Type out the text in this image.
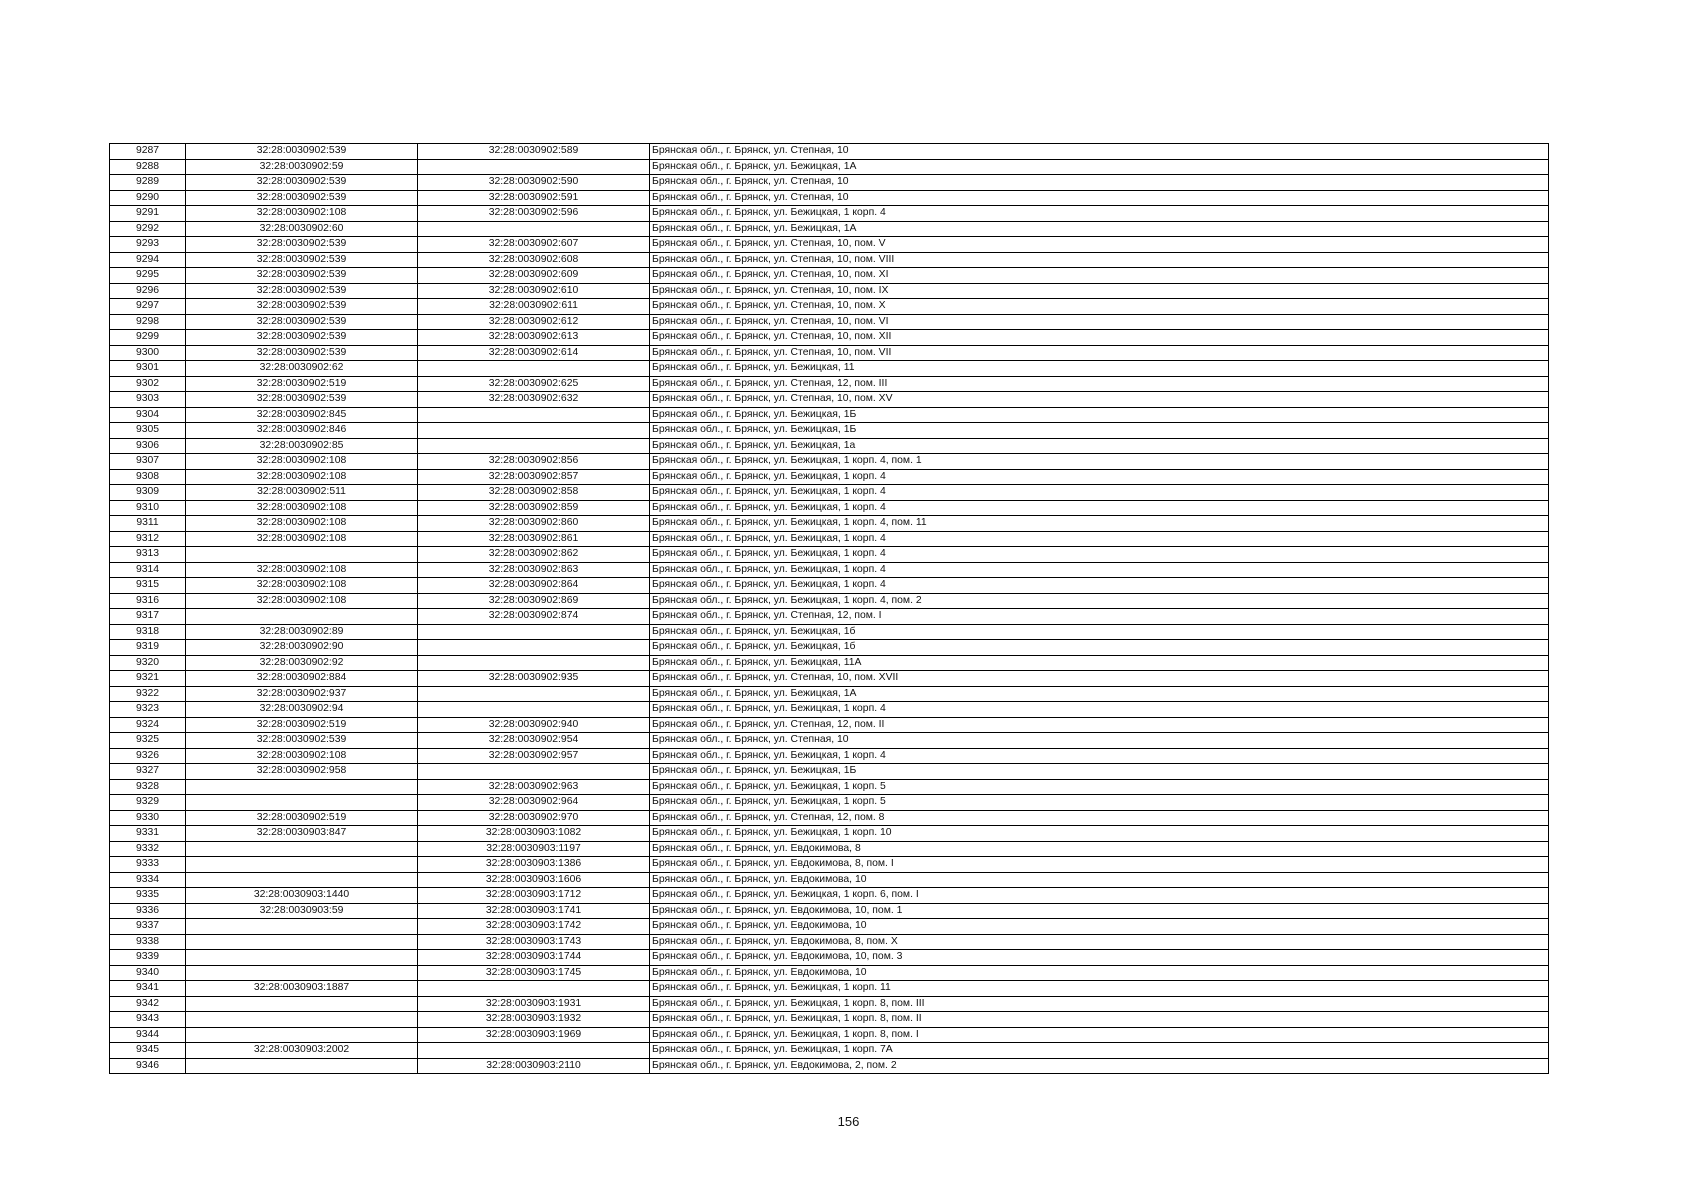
9287	32:28:0030902:539	32:28:0030902:589	Брянская обл., г. Брянск, ул. Степная, 10
9288	32:28:0030902:59		Брянская обл., г. Брянск, ул. Бежицкая, 1А
9289	32:28:0030902:539	32:28:0030902:590	Брянская обл., г. Брянск, ул. Степная, 10
9290	32:28:0030902:539	32:28:0030902:591	Брянская обл., г. Брянск, ул. Степная, 10
9291	32:28:0030902:108	32:28:0030902:596	Брянская обл., г. Брянск, ул. Бежицкая, 1 корп. 4
9292	32:28:0030902:60		Брянская обл., г. Брянск, ул. Бежицкая, 1А
9293	32:28:0030902:539	32:28:0030902:607	Брянская обл., г. Брянск, ул. Степная, 10, пом. V
9294	32:28:0030902:539	32:28:0030902:608	Брянская обл., г. Брянск, ул. Степная, 10, пом. VIII
9295	32:28:0030902:539	32:28:0030902:609	Брянская обл., г. Брянск, ул. Степная, 10, пом. XI
9296	32:28:0030902:539	32:28:0030902:610	Брянская обл., г. Брянск, ул. Степная, 10, пом. IX
9297	32:28:0030902:539	32:28:0030902:611	Брянская обл., г. Брянск, ул. Степная, 10, пом. X
9298	32:28:0030902:539	32:28:0030902:612	Брянская обл., г. Брянск, ул. Степная, 10, пом. VI
9299	32:28:0030902:539	32:28:0030902:613	Брянская обл., г. Брянск, ул. Степная, 10, пом. XII
9300	32:28:0030902:539	32:28:0030902:614	Брянская обл., г. Брянск, ул. Степная, 10, пом. VII
9301	32:28:0030902:62		Брянская обл., г. Брянск, ул. Бежицкая, 11
9302	32:28:0030902:519	32:28:0030902:625	Брянская обл., г. Брянск, ул. Степная, 12, пом. III
9303	32:28:0030902:539	32:28:0030902:632	Брянская обл., г. Брянск, ул. Степная, 10, пом. XV
9304	32:28:0030902:845		Брянская обл., г. Брянск, ул. Бежицкая, 1Б
9305	32:28:0030902:846		Брянская обл., г. Брянск, ул. Бежицкая, 1Б
9306	32:28:0030902:85		Брянская обл., г. Брянск, ул. Бежицкая, 1а
9307	32:28:0030902:108	32:28:0030902:856	Брянская обл., г. Брянск, ул. Бежицкая, 1 корп. 4, пом. 1
9308	32:28:0030902:108	32:28:0030902:857	Брянская обл., г. Брянск, ул. Бежицкая, 1 корп. 4
9309	32:28:0030902:511	32:28:0030902:858	Брянская обл., г. Брянск, ул. Бежицкая, 1 корп. 4
9310	32:28:0030902:108	32:28:0030902:859	Брянская обл., г. Брянск, ул. Бежицкая, 1 корп. 4
9311	32:28:0030902:108	32:28:0030902:860	Брянская обл., г. Брянск, ул. Бежицкая, 1 корп. 4, пом. 11
9312	32:28:0030902:108	32:28:0030902:861	Брянская обл., г. Брянск, ул. Бежицкая, 1 корп. 4
9313		32:28:0030902:862	Брянская обл., г. Брянск, ул. Бежицкая, 1 корп. 4
9314	32:28:0030902:108	32:28:0030902:863	Брянская обл., г. Брянск, ул. Бежицкая, 1 корп. 4
9315	32:28:0030902:108	32:28:0030902:864	Брянская обл., г. Брянск, ул. Бежицкая, 1 корп. 4
9316	32:28:0030902:108	32:28:0030902:869	Брянская обл., г. Брянск, ул. Бежицкая, 1 корп. 4, пом. 2
9317		32:28:0030902:874	Брянская обл., г. Брянск, ул. Степная, 12, пом. I
9318	32:28:0030902:89		Брянская обл., г. Брянск, ул. Бежицкая, 1б
9319	32:28:0030902:90		Брянская обл., г. Брянск, ул. Бежицкая, 1б
9320	32:28:0030902:92		Брянская обл., г. Брянск, ул. Бежицкая, 11А
9321	32:28:0030902:884	32:28:0030902:935	Брянская обл., г. Брянск, ул. Степная, 10, пом. XVII
9322	32:28:0030902:937		Брянская обл., г. Брянск, ул. Бежицкая, 1А
9323	32:28:0030902:94		Брянская обл., г. Брянск, ул. Бежицкая, 1 корп. 4
9324	32:28:0030902:519	32:28:0030902:940	Брянская обл., г. Брянск, ул. Степная, 12, пом. II
9325	32:28:0030902:539	32:28:0030902:954	Брянская обл., г. Брянск, ул. Степная, 10
9326	32:28:0030902:108	32:28:0030902:957	Брянская обл., г. Брянск, ул. Бежицкая, 1 корп. 4
9327	32:28:0030902:958		Брянская обл., г. Брянск, ул. Бежицкая, 1Б
9328		32:28:0030902:963	Брянская обл., г. Брянск, ул. Бежицкая, 1 корп. 5
9329		32:28:0030902:964	Брянская обл., г. Брянск, ул. Бежицкая, 1 корп. 5
9330	32:28:0030902:519	32:28:0030902:970	Брянская обл., г. Брянск, ул. Степная, 12, пом. 8
9331	32:28:0030903:847	32:28:0030903:1082	Брянская обл., г. Брянск, ул. Бежицкая, 1 корп. 10
9332		32:28:0030903:1197	Брянская обл., г. Брянск, ул. Евдокимова, 8
9333		32:28:0030903:1386	Брянская обл., г. Брянск, ул. Евдокимова, 8, пом. I
9334		32:28:0030903:1606	Брянская обл., г. Брянск, ул. Евдокимова, 10
9335	32:28:0030903:1440	32:28:0030903:1712	Брянская обл., г. Брянск, ул. Бежицкая, 1 корп. 6, пом. I
9336	32:28:0030903:59	32:28:0030903:1741	Брянская обл., г. Брянск, ул. Евдокимова, 10, пом. 1
9337		32:28:0030903:1742	Брянская обл., г. Брянск, ул. Евдокимова, 10
9338		32:28:0030903:1743	Брянская обл., г. Брянск, ул. Евдокимова, 8, пом. X
9339		32:28:0030903:1744	Брянская обл., г. Брянск, ул. Евдокимова, 10, пом. 3
9340		32:28:0030903:1745	Брянская обл., г. Брянск, ул. Евдокимова, 10
9341	32:28:0030903:1887		Брянская обл., г. Брянск, ул. Бежицкая, 1 корп. 11
9342		32:28:0030903:1931	Брянская обл., г. Брянск, ул. Бежицкая, 1 корп. 8, пом. III
9343		32:28:0030903:1932	Брянская обл., г. Брянск, ул. Бежицкая, 1 корп. 8, пом. II
9344		32:28:0030903:1969	Брянская обл., г. Брянск, ул. Бежицкая, 1 корп. 8, пом. I
9345	32:28:0030903:2002		Брянская обл., г. Брянск, ул. Бежицкая, 1 корп. 7А
9346		32:28:0030903:2110	Брянская обл., г. Брянск, ул. Евдокимова, 2, пом. 2
156
